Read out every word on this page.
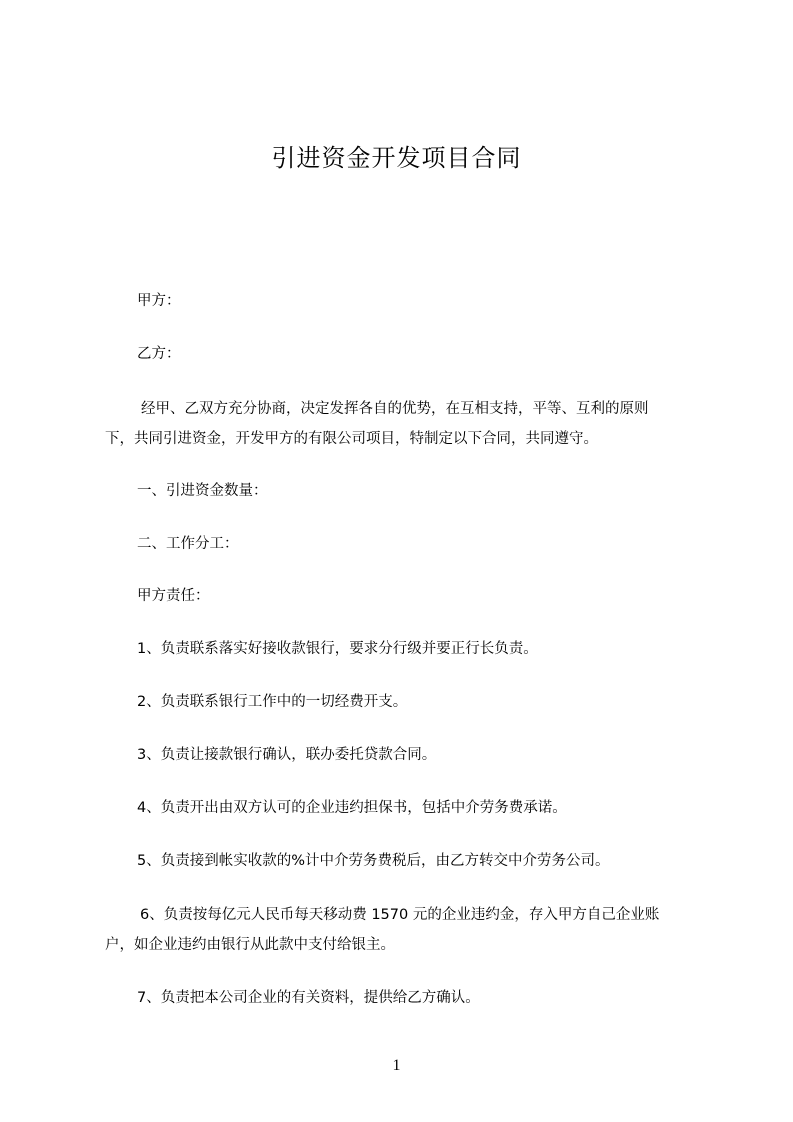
引进资金开发项目合同

甲方：

乙方：

经甲、乙双方充分协商，决定发挥各自的优势，在互相支持，平等、互利的原则
下，共同引进资金，开发甲方的有限公司项目，特制定以下合同，共同遵守。

一、引进资金数量：

二、工作分工：

甲方责任：

1、负责联系落实好接收款银行，要求分行级并要正行长负责。

2、负责联系银行工作中的一切经费开支。

3、负责让接款银行确认，联办委托贷款合同。

4、负责开出由双方认可的企业违约担保书，包括中介劳务费承诺。

5、负责接到帐实收款的%计中介劳务费税后，由乙方转交中介劳务公司。

6、负责按每亿元人民币每天移动费 1570 元的企业违约金，存入甲方自己企业账
户，如企业违约由银行从此款中支付给银主。

7、负责把本公司企业的有关资料，提供给乙方确认。

1
